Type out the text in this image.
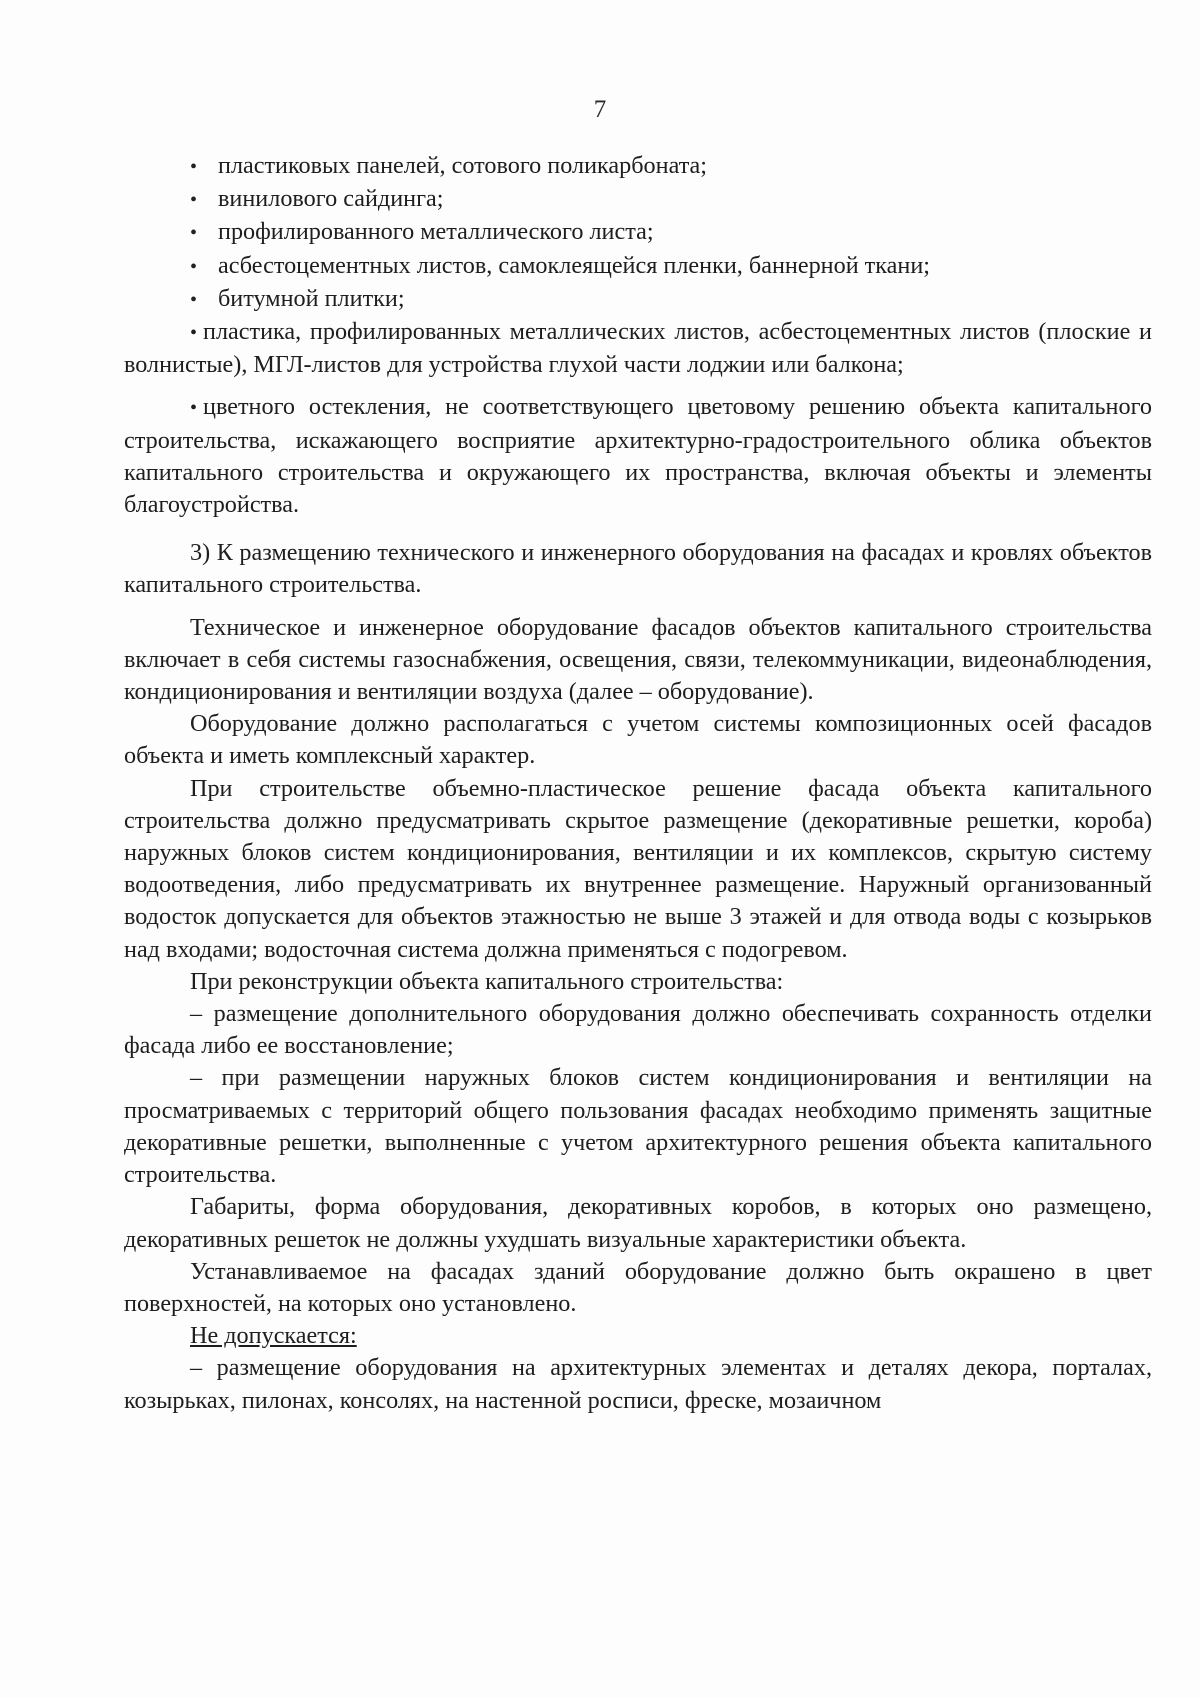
7
• пластиковых панелей, сотового поликарбоната;
• винилового сайдинга;
• профилированного металлического листа;
• асбестоцементных листов, самоклеящейся пленки, баннерной ткани;
• битумной плитки;

• пластика, профилированных металлических листов, асбестоцементных листов (плоские и волнистые), МГЛ-листов для устройства глухой части лоджии или балкона;

• цветного остекления, не соответствующего цветовому решению объекта капитального строительства, искажающего восприятие архитектурно-градостроительного облика объектов капитального строительства и окружающего их пространства, включая объекты и элементы благоустройства.

3) К размещению технического и инженерного оборудования на фасадах и кровлях объектов капитального строительства.

Техническое и инженерное оборудование фасадов объектов капитального строительства включает в себя системы газоснабжения, освещения, связи, телекоммуникации, видеонаблюдения, кондиционирования и вентиляции воздуха (далее – оборудование).

Оборудование должно располагаться с учетом системы композиционных осей фасадов объекта и иметь комплексный характер.

При строительстве объемно-пластическое решение фасада объекта капитального строительства должно предусматривать скрытое размещение (декоративные решетки, короба) наружных блоков систем кондиционирования, вентиляции и их комплексов, скрытую систему водоотведения, либо предусматривать их внутреннее размещение. Наружный организованный водосток допускается для объектов этажностью не выше 3 этажей и для отвода воды с козырьков над входами; водосточная система должна применяться с подогревом.

При реконструкции объекта капитального строительства:

– размещение дополнительного оборудования должно обеспечивать сохранность отделки фасада либо ее восстановление;

– при размещении наружных блоков систем кондиционирования и вентиляции на просматриваемых с территорий общего пользования фасадах необходимо применять защитные декоративные решетки, выполненные с учетом архитектурного решения объекта капитального строительства.

Габариты, форма оборудования, декоративных коробов, в которых оно размещено, декоративных решеток не должны ухудшать визуальные характеристики объекта.

Устанавливаемое на фасадах зданий оборудование должно быть окрашено в цвет поверхностей, на которых оно установлено.

Не допускается:

– размещение оборудования на архитектурных элементах и деталях декора, порталах, козырьках, пилонах, консолях, на настенной росписи, фреске, мозаичном
